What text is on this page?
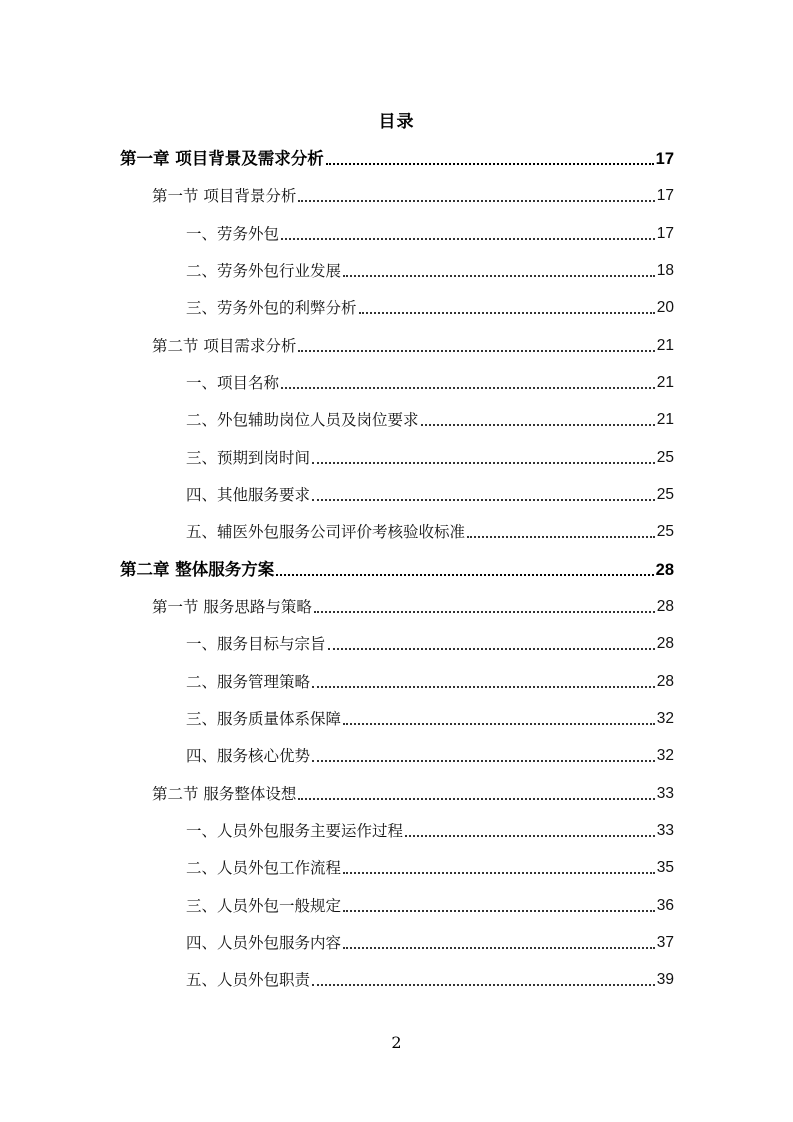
目录
第一章 项目背景及需求分析	17
第一节 项目背景分析	17
一、劳务外包	17
二、劳务外包行业发展	18
三、劳务外包的利弊分析	20
第二节 项目需求分析	21
一、项目名称	21
二、外包辅助岗位人员及岗位要求	21
三、预期到岗时间	25
四、其他服务要求	25
五、辅医外包服务公司评价考核验收标准	25
第二章 整体服务方案	28
第一节 服务思路与策略	28
一、服务目标与宗旨	28
二、服务管理策略	28
三、服务质量体系保障	32
四、服务核心优势	32
第二节 服务整体设想	33
一、人员外包服务主要运作过程	33
二、人员外包工作流程	35
三、人员外包一般规定	36
四、人员外包服务内容	37
五、人员外包职责	39
2
